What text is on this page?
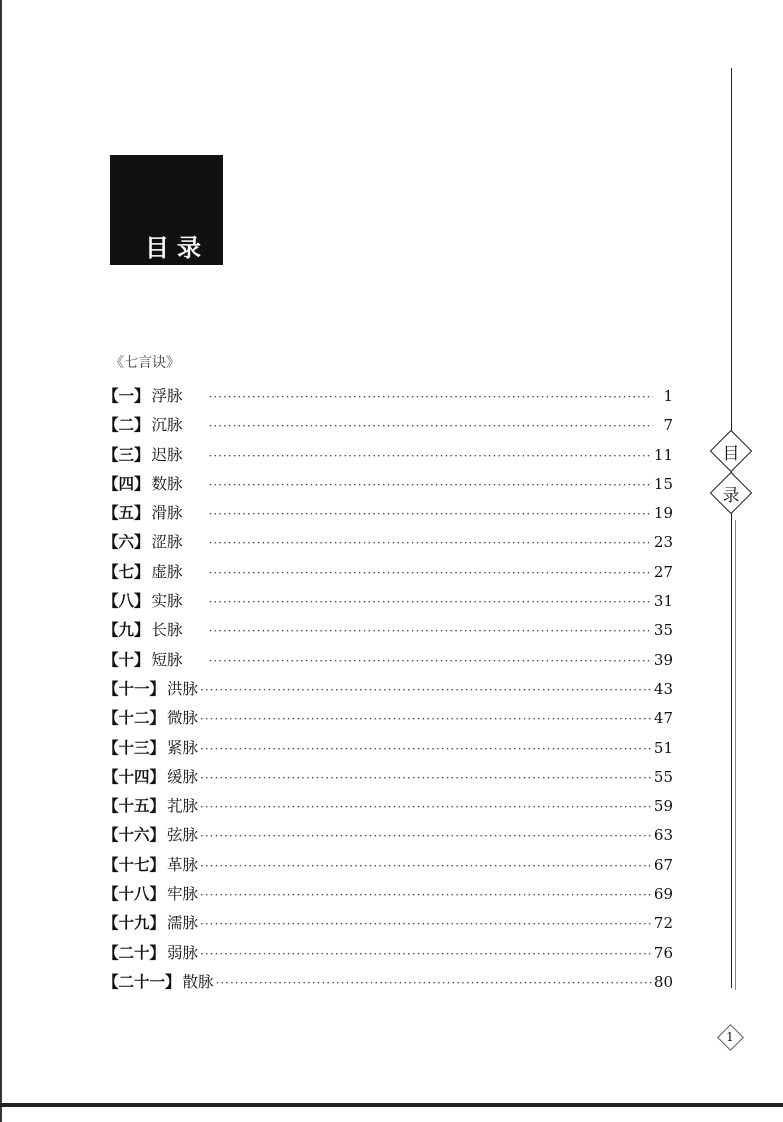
目录
目
录
《七言诀》
【一】 浮脉 ·····	1
【二】 沉脉 ·····	7
【三】 迟脉 ·····	11
【四】 数脉 ·····	15
【五】 滑脉 ·····	19
【六】 涩脉 ·····	23
【七】 虚脉 ·····	27
【八】 实脉 ·····	31
【九】 长脉 ·····	35
【十】 短脉 ·····	39
【十一】 洪脉 ·····	43
【十二】 微脉 ·····	47
【十三】 紧脉 ·····	51
【十四】 缓脉 ·····	55
【十五】 芤脉 ·····	59
【十六】 弦脉 ·····	63
【十七】 革脉 ·····	67
【十八】 牢脉 ·····	69
【十九】 濡脉 ·····	72
【二十】 弱脉 ·····	76
【二十一】 散脉 ·····	80
1
